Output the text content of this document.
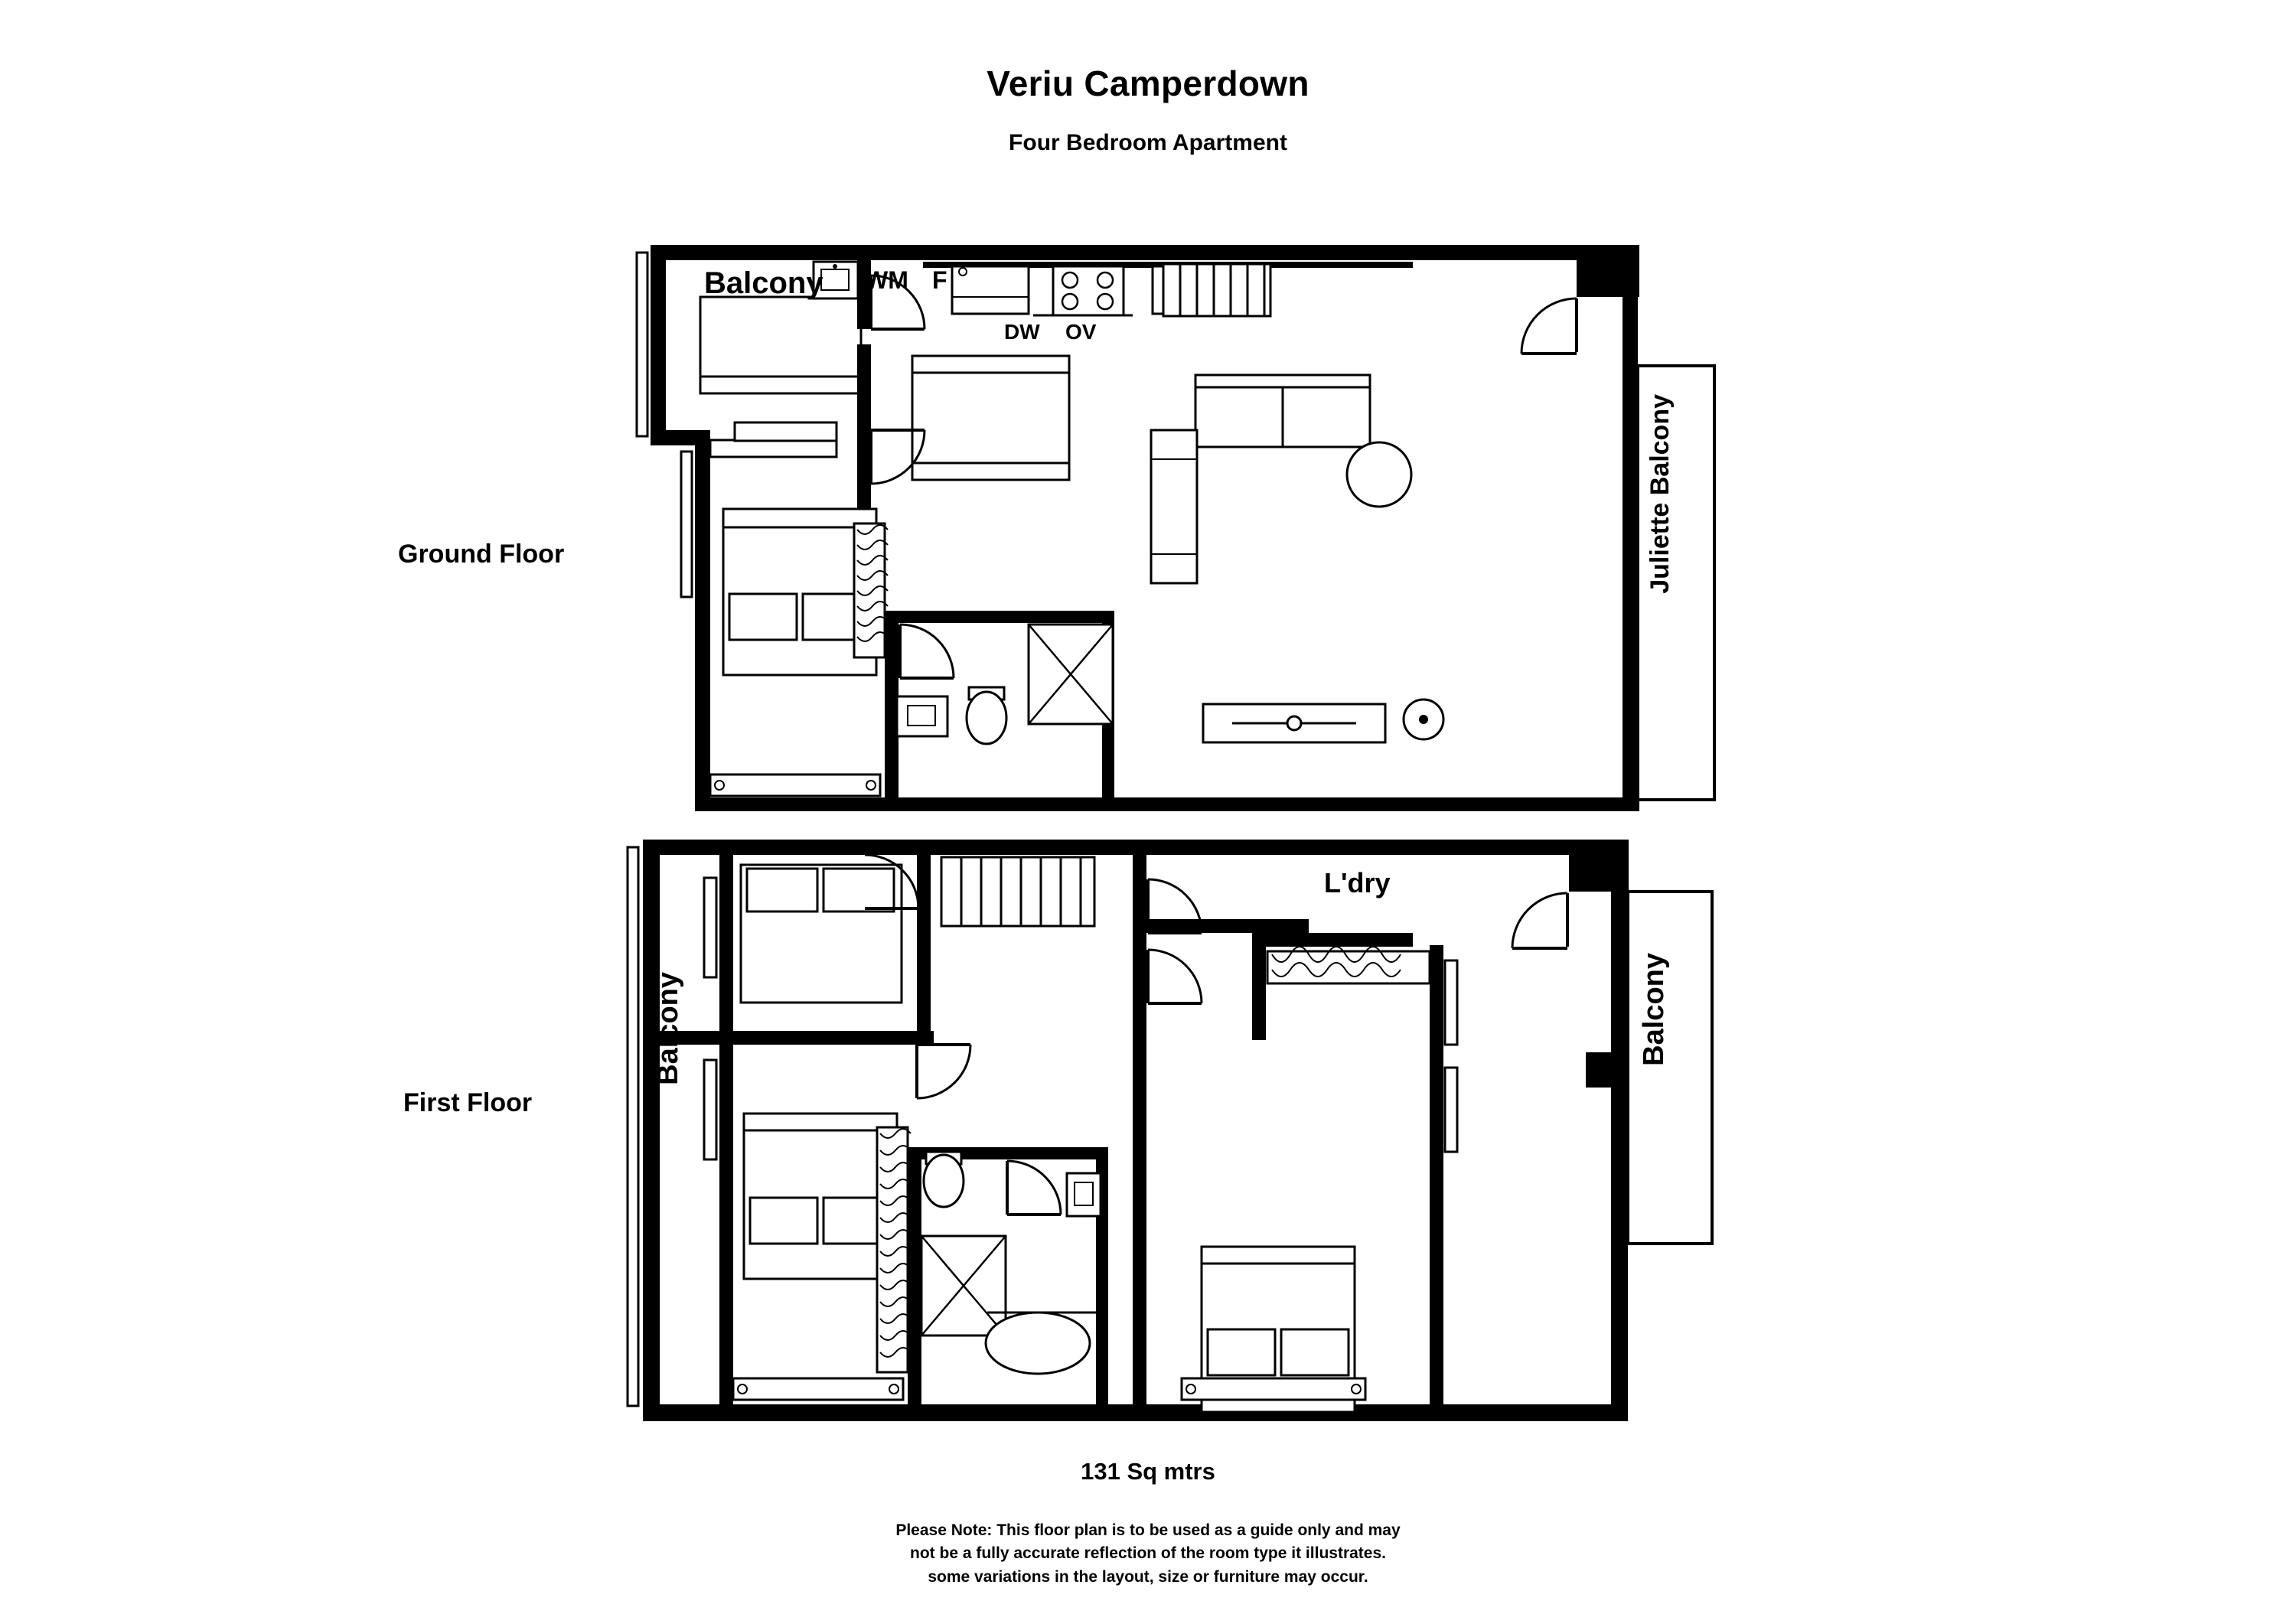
Veriu Camperdown
Four Bedroom Apartment
Ground Floor
First Floor
Balcony WM F
DW OV
Juliette Balcony
Balcony	Balcony
L'dry
131 Sq mtrs
Please Note: This floor plan is to be used as a guide only and may
not be a fully accurate reflection of the room type it illustrates.
some variations in the layout, size or furniture may occur.
